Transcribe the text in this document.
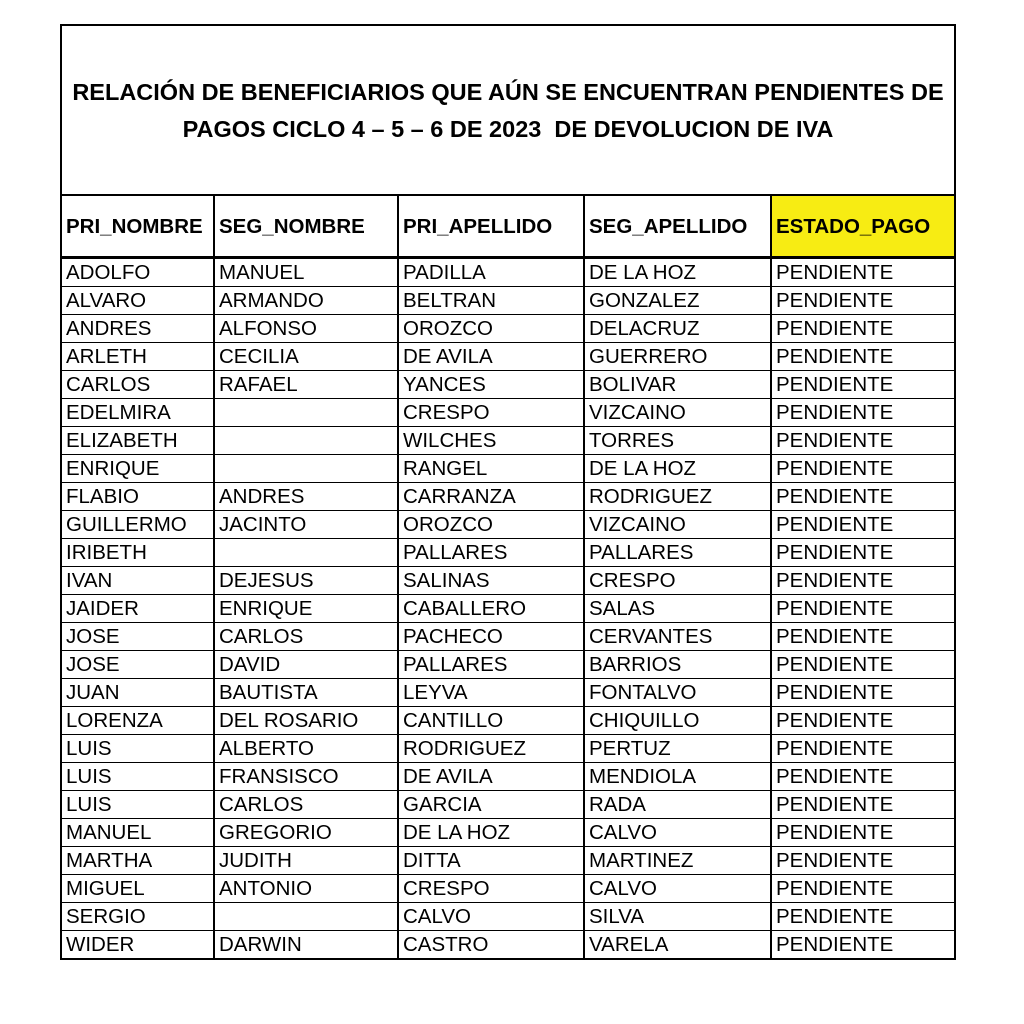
RELACIÓN DE BENEFICIARIOS QUE AÚN SE ENCUENTRAN PENDIENTES DE
PAGOS CICLO 4 – 5 – 6 DE 2023  DE DEVOLUCION DE IVA
PRI_NOMBRE	SEG_NOMBRE	PRI_APELLIDO	SEG_APELLIDO	ESTADO_PAGO
ADOLFO	MANUEL	PADILLA	DE LA HOZ	PENDIENTE
ALVARO	ARMANDO	BELTRAN	GONZALEZ	PENDIENTE
ANDRES	ALFONSO	OROZCO	DELACRUZ	PENDIENTE
ARLETH	CECILIA	DE AVILA	GUERRERO	PENDIENTE
CARLOS	RAFAEL	YANCES	BOLIVAR	PENDIENTE
EDELMIRA		CRESPO	VIZCAINO	PENDIENTE
ELIZABETH		WILCHES	TORRES	PENDIENTE
ENRIQUE		RANGEL	DE LA HOZ	PENDIENTE
FLABIO	ANDRES	CARRANZA	RODRIGUEZ	PENDIENTE
GUILLERMO	JACINTO	OROZCO	VIZCAINO	PENDIENTE
IRIBETH		PALLARES	PALLARES	PENDIENTE
IVAN	DEJESUS	SALINAS	CRESPO	PENDIENTE
JAIDER	ENRIQUE	CABALLERO	SALAS	PENDIENTE
JOSE	CARLOS	PACHECO	CERVANTES	PENDIENTE
JOSE	DAVID	PALLARES	BARRIOS	PENDIENTE
JUAN	BAUTISTA	LEYVA	FONTALVO	PENDIENTE
LORENZA	DEL ROSARIO	CANTILLO	CHIQUILLO	PENDIENTE
LUIS	ALBERTO	RODRIGUEZ	PERTUZ	PENDIENTE
LUIS	FRANSISCO	DE AVILA	MENDIOLA	PENDIENTE
LUIS	CARLOS	GARCIA	RADA	PENDIENTE
MANUEL	GREGORIO	DE LA HOZ	CALVO	PENDIENTE
MARTHA	JUDITH	DITTA	MARTINEZ	PENDIENTE
MIGUEL	ANTONIO	CRESPO	CALVO	PENDIENTE
SERGIO		CALVO	SILVA	PENDIENTE
WIDER	DARWIN	CASTRO	VARELA	PENDIENTE
